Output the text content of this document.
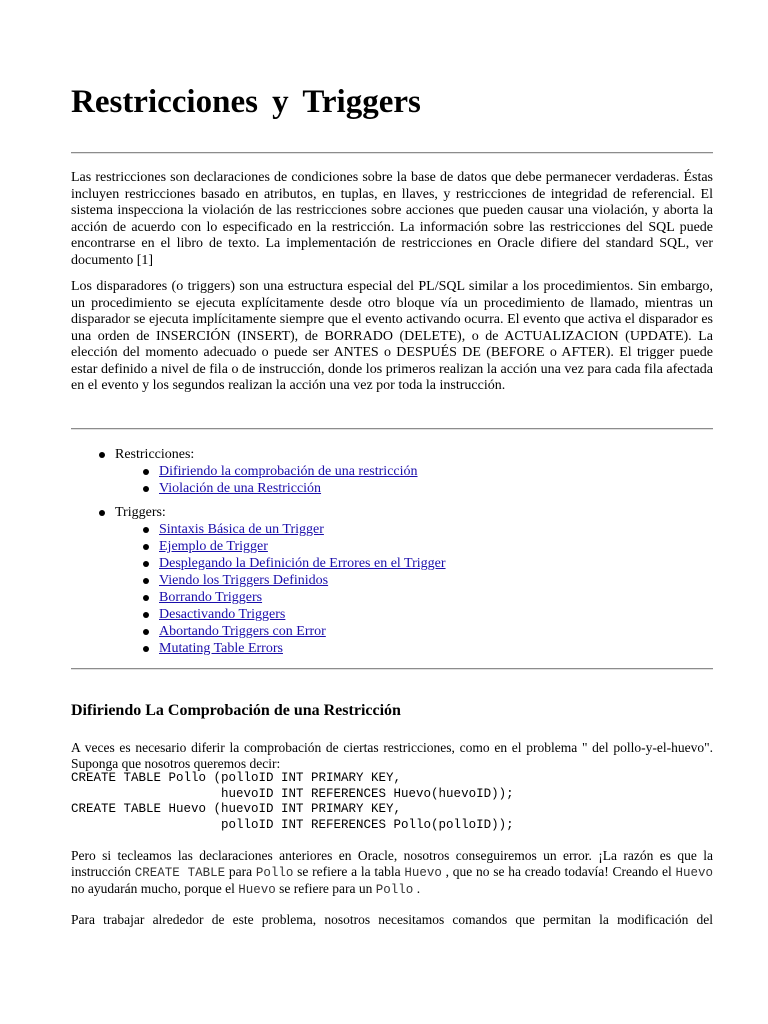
Restricciones y Triggers

Las restricciones son declaraciones de condiciones sobre la base de datos que debe permanecer verdaderas. Éstas incluyen restricciones basado en atributos, en tuplas, en llaves, y restricciones de integridad de referencial. El sistema inspecciona la violación de las restricciones sobre acciones que pueden causar una violación, y aborta la acción de acuerdo con lo especificado en la restricción. La información sobre las restricciones del SQL puede encontrarse en el libro de texto. La implementación de restricciones en Oracle difiere del standard SQL, ver documento [1]

Los disparadores (o triggers) son una estructura especial del PL/SQL similar a los procedimientos. Sin embargo, un procedimiento se ejecuta explícitamente desde otro bloque vía un procedimiento de llamado, mientras un disparador se ejecuta implícitamente siempre que el evento activando ocurra. El evento que activa el disparador es una orden de INSERCIÓN (INSERT), de BORRADO (DELETE), o de ACTUALIZACION (UPDATE). La elección del momento adecuado o puede ser ANTES o DESPUÉS DE (BEFORE o AFTER). El trigger puede estar definido a nivel de fila o de instrucción, donde los primeros realizan la acción una vez para cada fila afectada en el evento y los segundos realizan la acción una vez por toda la instrucción.

Restricciones:
Difiriendo la comprobación de una restricción
Violación de una Restricción
Triggers:
Sintaxis Básica de un Trigger
Ejemplo de Trigger
Desplegando la Definición de Errores en el Trigger
Viendo los Triggers Definidos
Borrando Triggers
Desactivando Triggers
Abortando Triggers con Error
Mutating Table Errors
Difiriendo La Comprobación de una Restricción

A veces es necesario diferir la comprobación de ciertas restricciones, como en el problema " del pollo-y-el-huevo". Suponga que nosotros queremos decir:

CREATE TABLE Pollo (polloID INT PRIMARY KEY,
huevoID INT REFERENCES Huevo(huevoID));
CREATE TABLE Huevo (huevoID INT PRIMARY KEY,
polloID INT REFERENCES Pollo(polloID));

Pero si tecleamos las declaraciones anteriores en Oracle, nosotros conseguiremos un error. ¡La razón es que la instrucción CREATE TABLE para Pollo se refiere a la tabla Huevo , que no se ha creado todavía! Creando el Huevo no ayudarán mucho, porque el Huevo se refiere para un Pollo .

Para trabajar alrededor de este problema, nosotros necesitamos comandos que permitan la modificación del
